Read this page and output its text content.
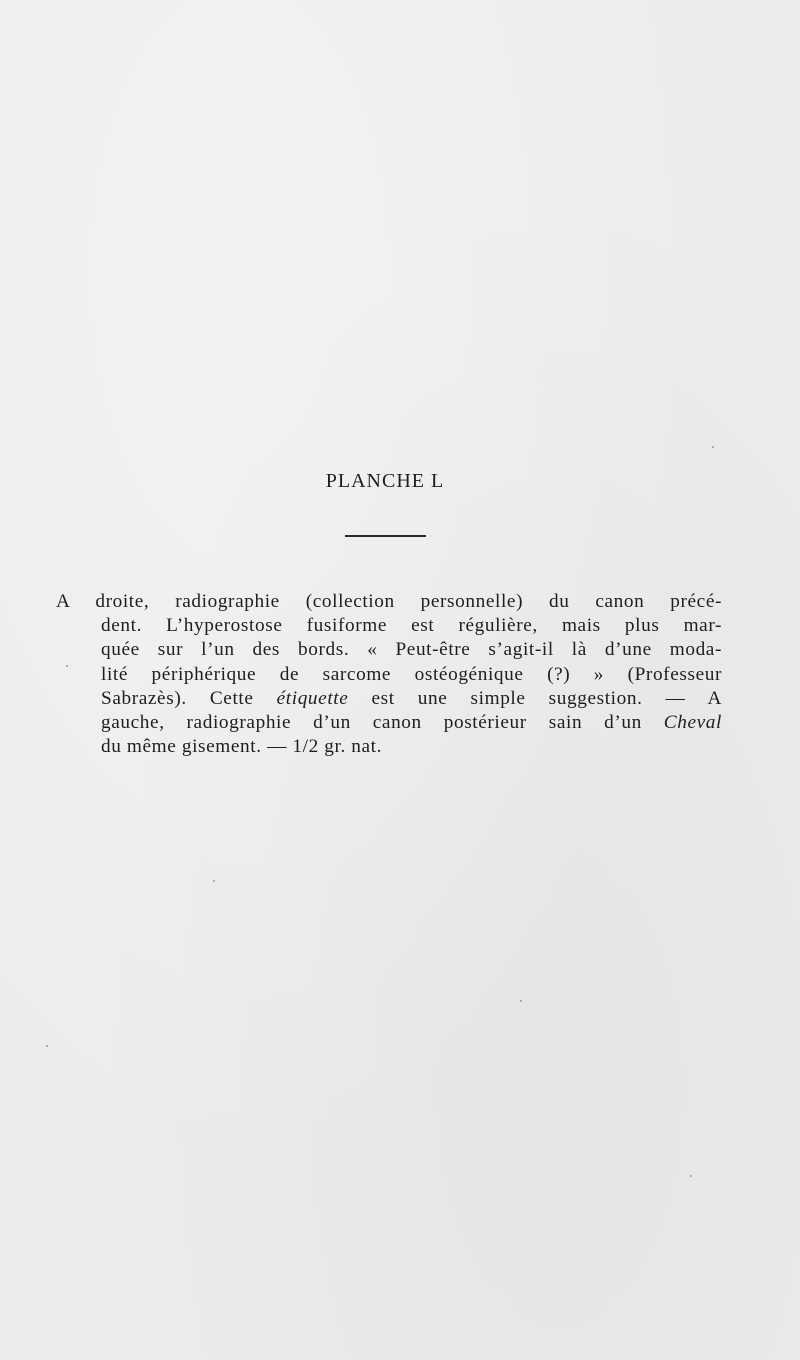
PLANCHE L
A droite, radiographie (collection personnelle) du canon précé-
dent. L’hyperostose fusiforme est régulière, mais plus mar-
quée sur l’un des bords. « Peut-être s’agit-il là d’une moda-
lité périphérique de sarcome ostéogénique (?) » (Professeur
Sabrazès). Cette étiquette est une simple suggestion. — A
gauche, radiographie d’un canon postérieur sain d’un Cheval
du même gisement. — 1/2 gr. nat.
